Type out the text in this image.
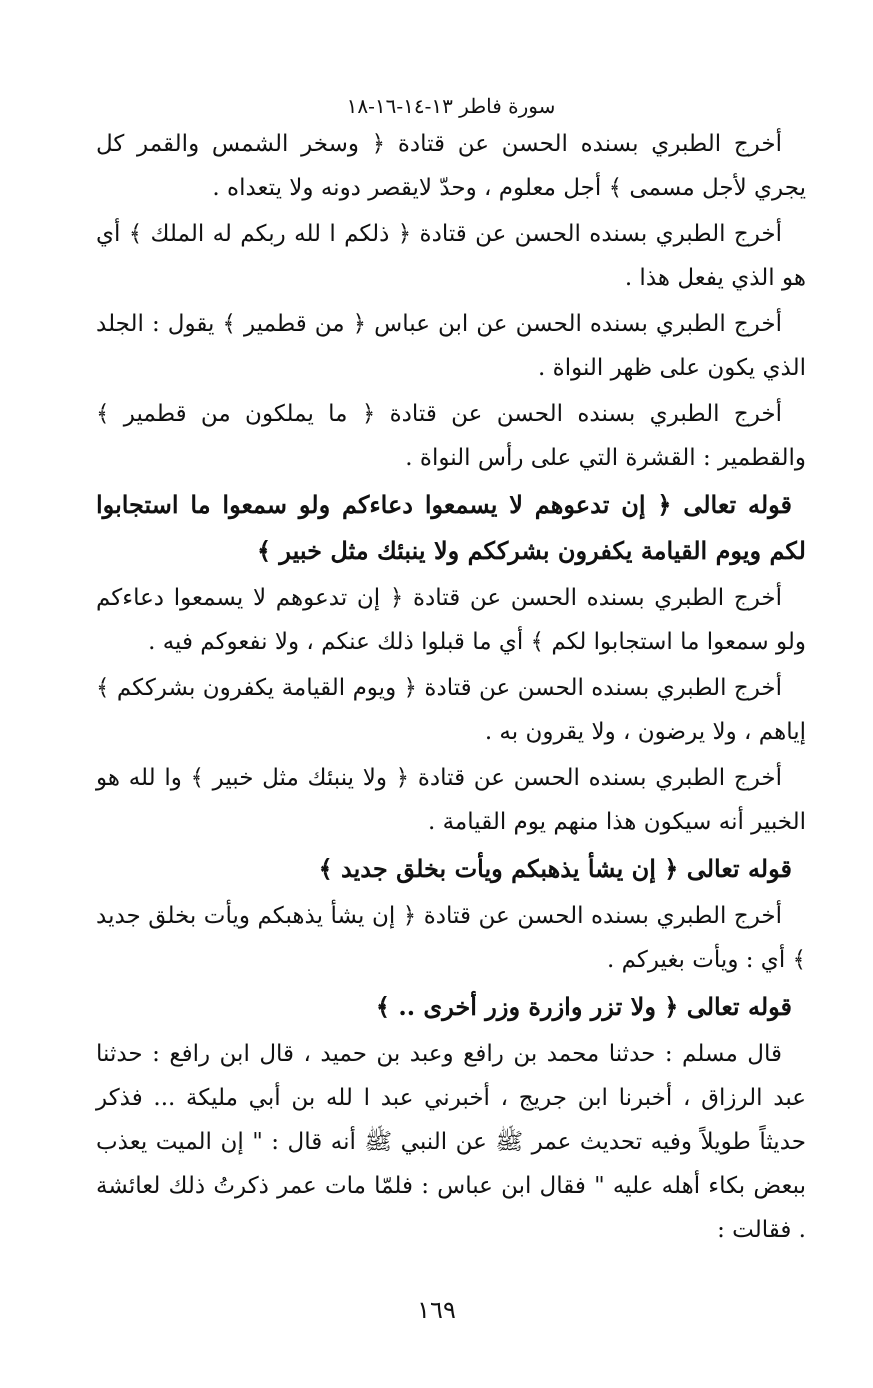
سورة فاطر ١٣-١٤-١٦-١٨

أخرج الطبري بسنده الحسن عن قتادة ﴿ وسخر الشمس والقمر كل يجري لأجل مسمى ﴾ أجل معلوم ، وحدّ لايقصر دونه ولا يتعداه .

أخرج الطبري بسنده الحسن عن قتادة ﴿ ذلكم ا لله ربكم له الملك ﴾ أي هو الذي يفعل هذا .

أخرج الطبري بسنده الحسن عن ابن عباس ﴿ من قطمير ﴾ يقول : الجلد الذي يكون على ظهر النواة .

أخرج الطبري بسنده الحسن عن قتادة ﴿ ما يملكون من قطمير ﴾ والقطمير : القشرة التي على رأس النواة .

قوله تعالى ﴿ إن تدعوهم لا يسمعوا دعاءكم ولو سمعوا ما استجابوا لكم ويوم القيامة يكفرون بشرككم ولا ينبئك مثل خبير ﴾

أخرج الطبري بسنده الحسن عن قتادة ﴿ إن تدعوهم لا يسمعوا دعاءكم ولو سمعوا ما استجابوا لكم ﴾ أي ما قبلوا ذلك عنكم ، ولا نفعوكم فيه .

أخرج الطبري بسنده الحسن عن قتادة ﴿ ويوم القيامة يكفرون بشرككم ﴾ إياهم ، ولا يرضون ، ولا يقرون به .

أخرج الطبري بسنده الحسن عن قتادة ﴿ ولا ينبئك مثل خبير ﴾ وا لله هو الخبير أنه سيكون هذا منهم يوم القيامة .

قوله تعالى ﴿ إن يشأ يذهبكم ويأت بخلق جديد ﴾

أخرج الطبري بسنده الحسن عن قتادة ﴿ إن يشأ يذهبكم ويأت بخلق جديد ﴾ أي : ويأت بغيركم .

قوله تعالى ﴿ ولا تزر وازرة وزر أخرى .. ﴾

قال مسلم : حدثنا محمد بن رافع وعبد بن حميد ، قال ابن رافع : حدثنا عبد الرزاق ، أخبرنا ابن جريج ، أخبرني عبد ا لله بن أبي مليكة ... فذكر حديثاً طويلاً وفيه تحديث عمر ﷺ عن النبي ﷺ أنه قال : " إن الميت يعذب ببعض بكاء أهله عليه " فقال ابن عباس : فلمّا مات عمر ذكرتُ ذلك لعائشة . فقالت :

١٦٩
